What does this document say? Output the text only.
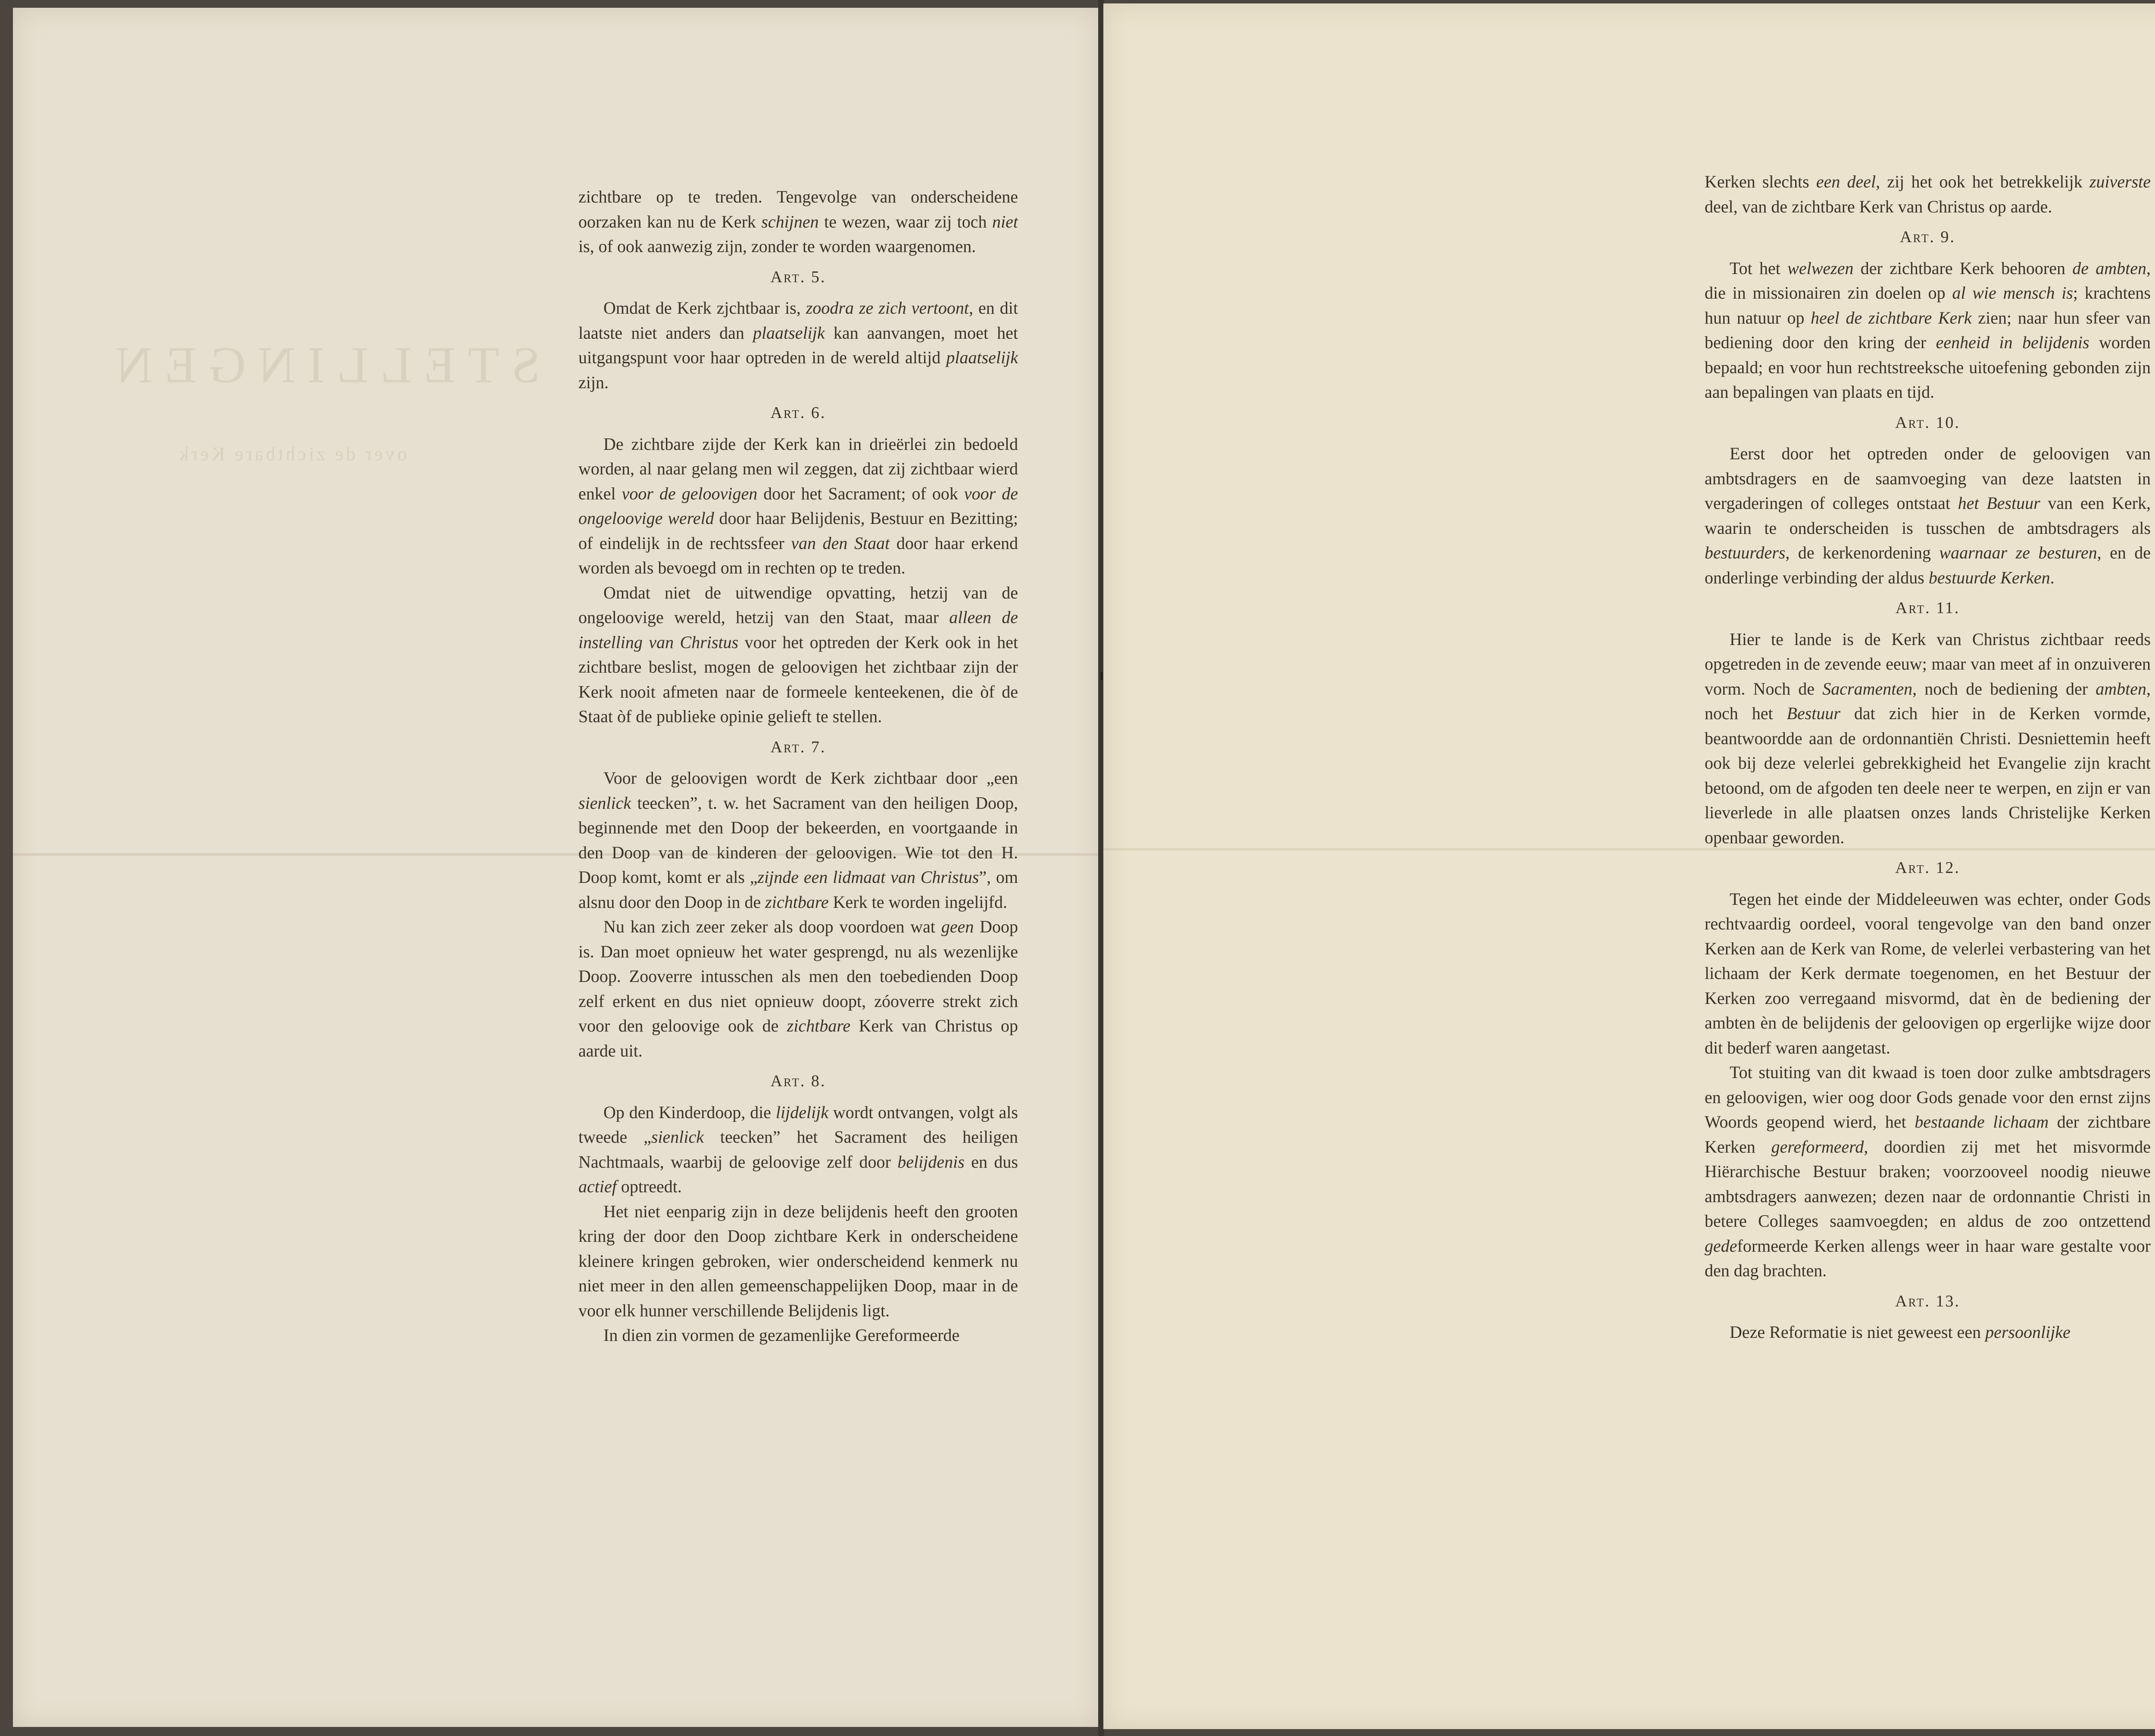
STELLINGEN
over de zichtbare Kerk

zichtbare op te treden. Tengevolge van onderscheidene oorzaken kan nu de Kerk schijnen te wezen, waar zij toch niet is, of ook aanwezig zijn, zonder te worden waargenomen.

Art. 5.

Omdat de Kerk zjchtbaar is, zoodra ze zich vertoont, en dit laatste niet anders dan plaatselijk kan aanvangen, moet het uitgangspunt voor haar optreden in de wereld altijd plaatselijk zijn.

Art. 6.

De zichtbare zijde der Kerk kan in drieërlei zin bedoeld worden, al naar gelang men wil zeggen, dat zij zichtbaar wierd enkel voor de geloovigen door het Sacrament; of ook voor de ongeloovige wereld door haar Belijdenis, Bestuur en Bezitting; of eindelijk in de rechtssfeer van den Staat door haar erkend worden als bevoegd om in rechten op te treden.

Omdat niet de uitwendige opvatting, hetzij van de ongeloovige wereld, hetzij van den Staat, maar alleen de instelling van Christus voor het optreden der Kerk ook in het zichtbare beslist, mogen de geloovigen het zichtbaar zijn der Kerk nooit afmeten naar de formeele kenteekenen, die òf de Staat òf de publieke opinie gelieft te stellen.

Art. 7.

Voor de geloovigen wordt de Kerk zichtbaar door „een sienlick teecken”, t. w. het Sacrament van den heiligen Doop, beginnende met den Doop der bekeerden, en voortgaande in den Doop van de kinderen der geloovigen. Wie tot den H. Doop komt, komt er als „zijnde een lidmaat van Christus”, om alsnu door den Doop in de zichtbare Kerk te worden ingelijfd.

Nu kan zich zeer zeker als doop voordoen wat geen Doop is. Dan moet opnieuw het water gesprengd, nu als wezenlijke Doop. Zooverre intusschen als men den toebedienden Doop zelf erkent en dus niet opnieuw doopt, zóoverre strekt zich voor den geloovige ook de zichtbare Kerk van Christus op aarde uit.

Art. 8.

Op den Kinderdoop, die lijdelijk wordt ontvangen, volgt als tweede „sienlick teecken” het Sacrament des heiligen Nachtmaals, waarbij de geloovige zelf door belijdenis en dus actief optreedt.

Het niet eenparig zijn in deze belijdenis heeft den grooten kring der door den Doop zichtbare Kerk in onderscheidene kleinere kringen gebroken, wier onderscheidend kenmerk nu niet meer in den allen gemeenschappelijken Doop, maar in de voor elk hunner verschillende Belijdenis ligt.

In dien zin vormen de gezamenlijke Gereformeerde

Kerken slechts een deel, zij het ook het betrekkelijk zuiverste deel, van de zichtbare Kerk van Christus op aarde.

Art. 9.

Tot het welwezen der zichtbare Kerk behooren de ambten, die in missionairen zin doelen op al wie mensch is; krachtens hun natuur op heel de zichtbare Kerk zien; naar hun sfeer van bediening door den kring der eenheid in belijdenis worden bepaald; en voor hun rechtstreeksche uitoefening gebonden zijn aan bepalingen van plaats en tijd.

Art. 10.

Eerst door het optreden onder de geloovigen van ambtsdragers en de saamvoeging van deze laatsten in vergaderingen of colleges ontstaat het Bestuur van een Kerk, waarin te onderscheiden is tusschen de ambtsdragers als bestuurders, de kerkenordening waarnaar ze besturen, en de onderlinge verbinding der aldus bestuurde Kerken.

Art. 11.

Hier te lande is de Kerk van Christus zichtbaar reeds opgetreden in de zevende eeuw; maar van meet af in onzuiveren vorm. Noch de Sacramenten, noch de bediening der ambten, noch het Bestuur dat zich hier in de Kerken vormde, beantwoordde aan de ordonnantiën Christi. Desniettemin heeft ook bij deze velerlei gebrekkigheid het Evangelie zijn kracht betoond, om de afgoden ten deele neer te werpen, en zijn er van lieverlede in alle plaatsen onzes lands Christelijke Kerken openbaar geworden.

Art. 12.

Tegen het einde der Middeleeuwen was echter, onder Gods rechtvaardig oordeel, vooral tengevolge van den band onzer Kerken aan de Kerk van Rome, de velerlei verbastering van het lichaam der Kerk dermate toegenomen, en het Bestuur der Kerken zoo verregaand misvormd, dat èn de bediening der ambten èn de belijdenis der geloovigen op ergerlijke wijze door dit bederf waren aangetast.

Tot stuiting van dit kwaad is toen door zulke ambtsdragers en geloovigen, wier oog door Gods genade voor den ernst zijns Woords geopend wierd, het bestaande lichaam der zichtbare Kerken gereformeerd, doordien zij met het misvormde Hiërarchische Bestuur braken; voorzooveel noodig nieuwe ambtsdragers aanwezen; dezen naar de ordonnantie Christi in betere Colleges saamvoegden; en aldus de zoo ontzettend gedeformeerde Kerken allengs weer in haar ware gestalte voor den dag brachten.

Art. 13.

Deze Reformatie is niet geweest een persoonlijke
